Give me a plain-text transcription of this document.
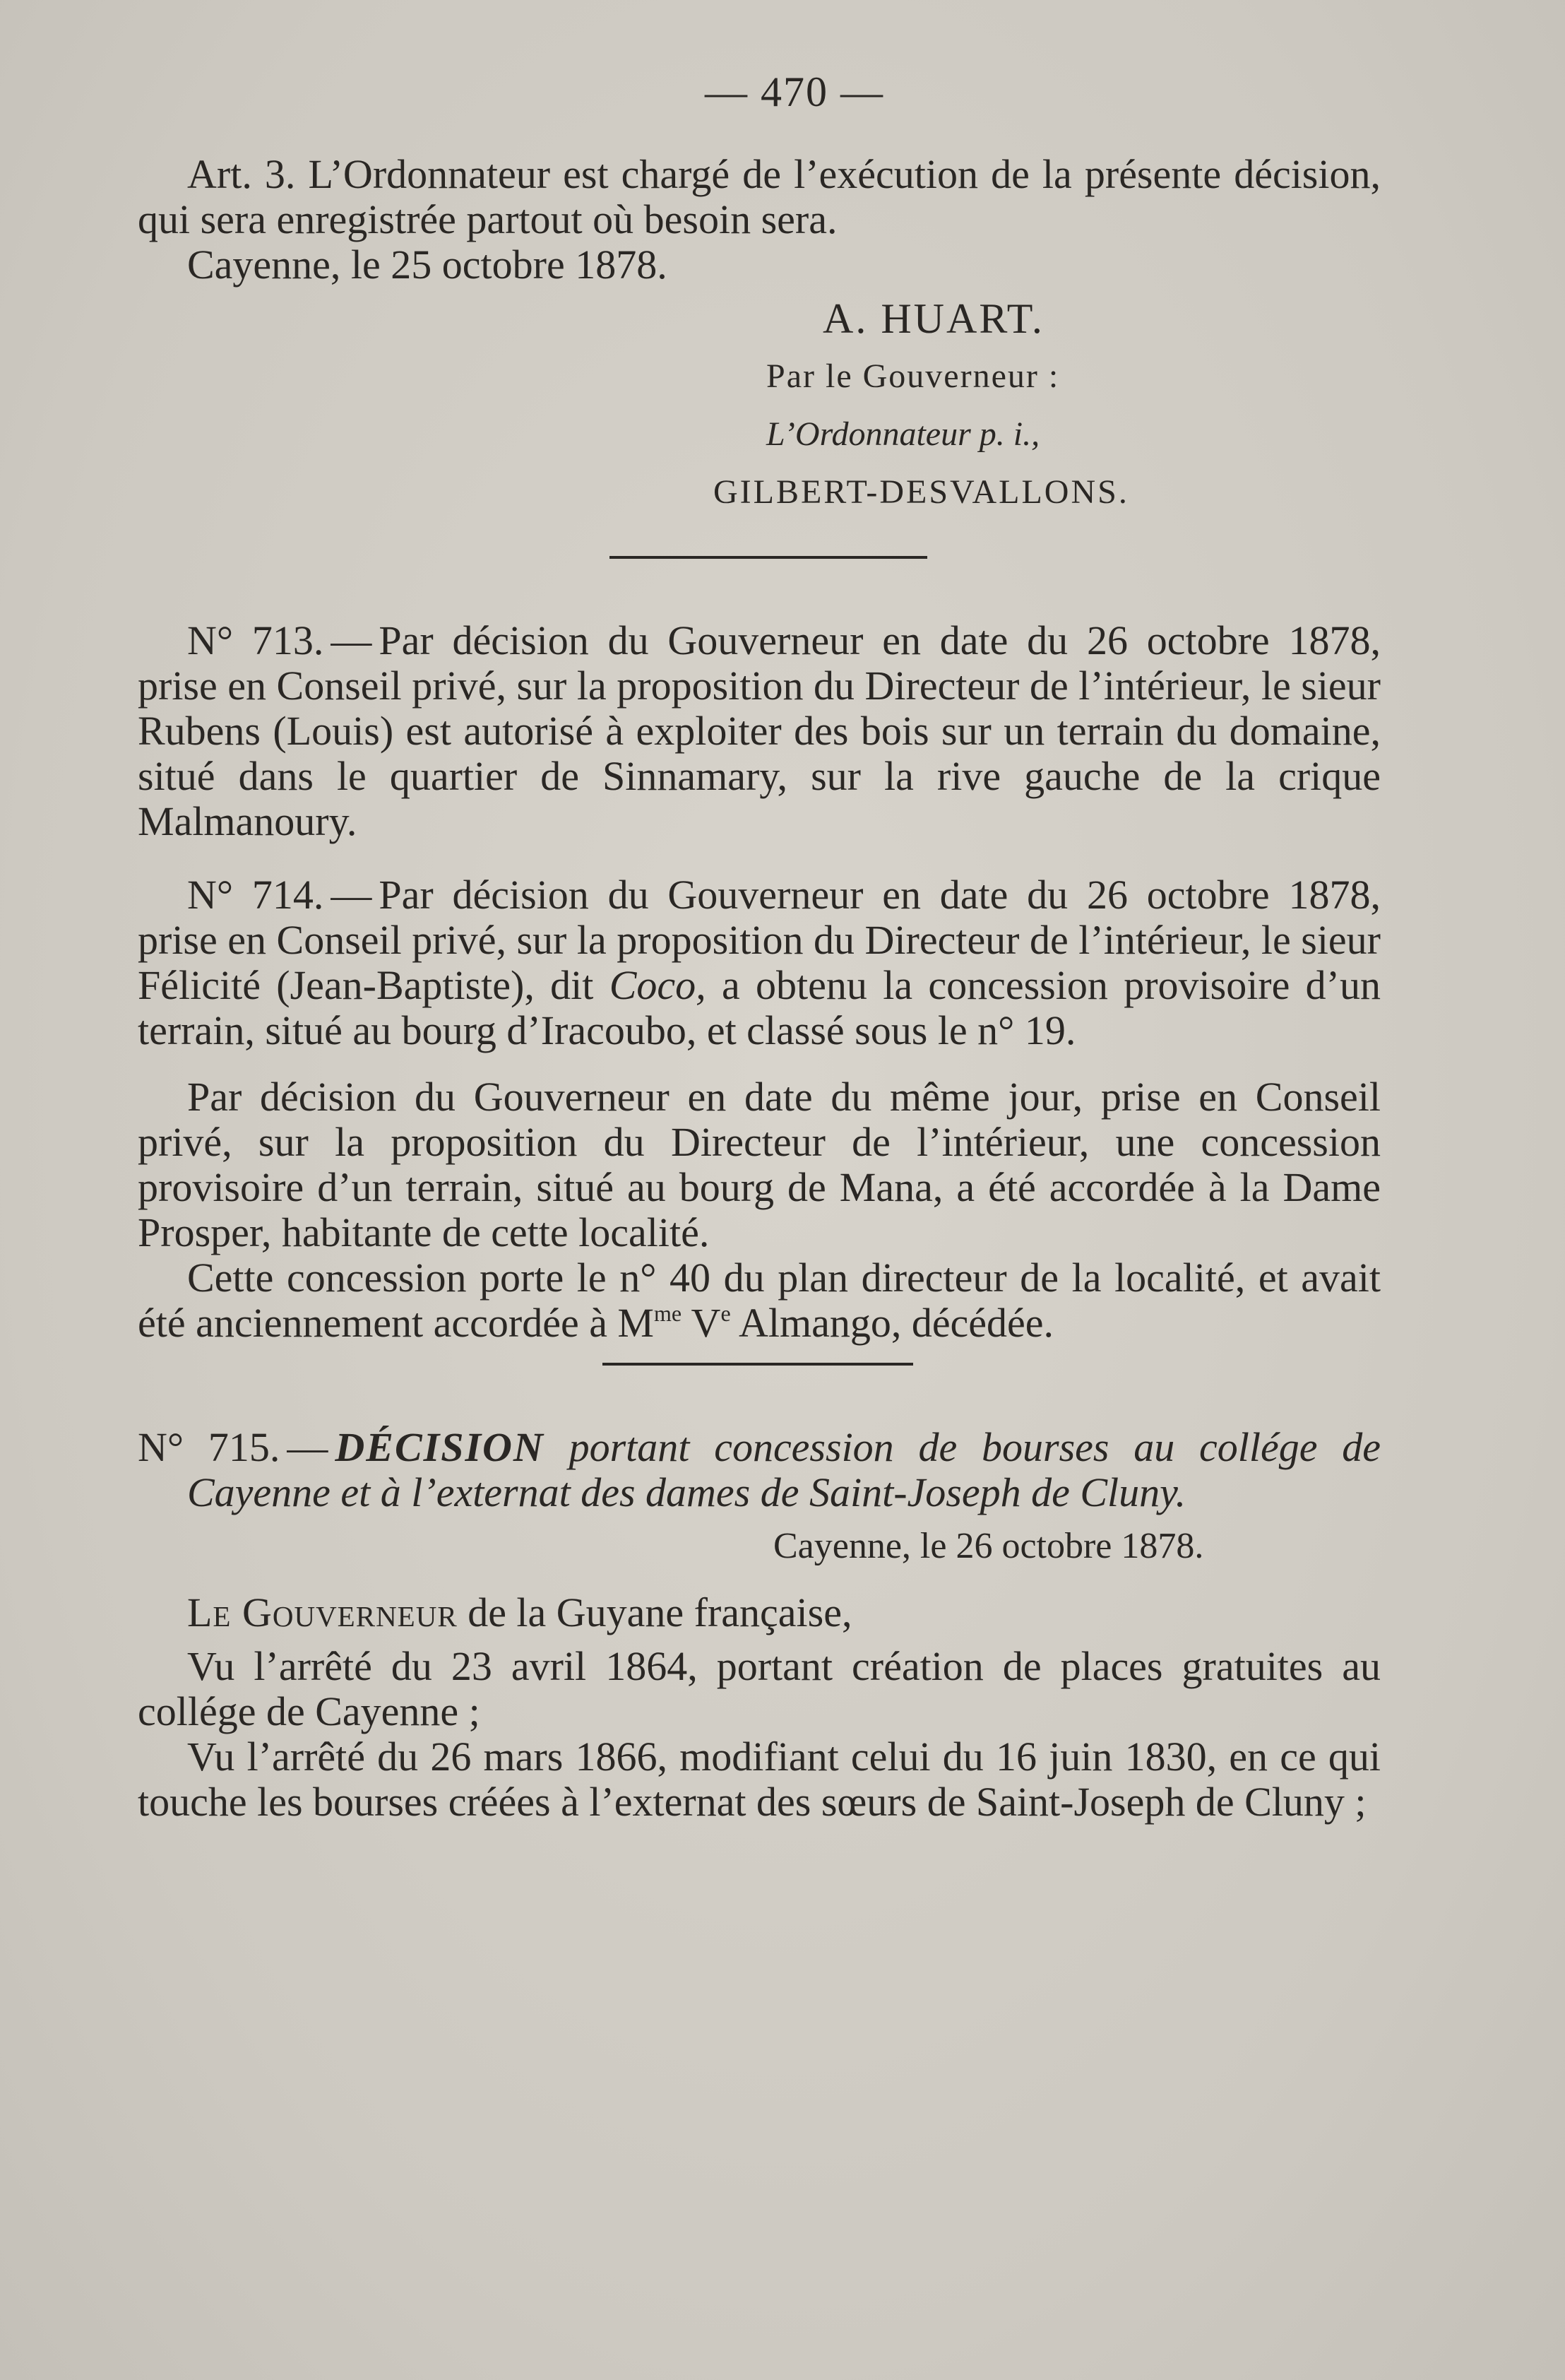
— 470 —

Art. 3. L’Ordonnateur est chargé de l’exécution de la présente décision, qui sera enregistrée partout où besoin sera.

Cayenne, le 25 octobre 1878.

A. HUART.
Par le Gouverneur :
L’Ordonnateur p. i.,
GILBERT-DESVALLONS.

N° 713. — Par décision du Gouverneur en date du 26 octobre 1878, prise en Conseil privé, sur la proposition du Directeur de l’intérieur, le sieur Rubens (Louis) est autorisé à exploiter des bois sur un terrain du domaine, situé dans le quartier de Sinnamary, sur la rive gauche de la crique Malmanoury.

N° 714. — Par décision du Gouverneur en date du 26 octobre 1878, prise en Conseil privé, sur la proposition du Directeur de l’intérieur, le sieur Félicité (Jean-Baptiste), dit Coco, a obtenu la concession provisoire d’un terrain, situé au bourg d’Iracoubo, et classé sous le n° 19.

Par décision du Gouverneur en date du même jour, prise en Conseil privé, sur la proposition du Directeur de l’intérieur, une concession provisoire d’un terrain, situé au bourg de Mana, a été accordée à la Dame Prosper, habitante de cette localité.

Cette concession porte le n° 40 du plan directeur de la localité, et avait été anciennement accordée à $M^{me}$ Ve Almango, décédée.

N° 715. — DÉCISION portant concession de bourses au collége de Cayenne et à l’externat des dames de Saint-Joseph de Cluny.

Cayenne, le 26 octobre 1878.

Le Gouverneur de la Guyane française,

Vu l’arrêté du 23 avril 1864, portant création de places gratuites au collége de Cayenne ;

Vu l’arrêté du 26 mars 1866, modifiant celui du 16 juin 1830, en ce qui touche les bourses créées à l’externat des sœurs de Saint-Joseph de Cluny ;
